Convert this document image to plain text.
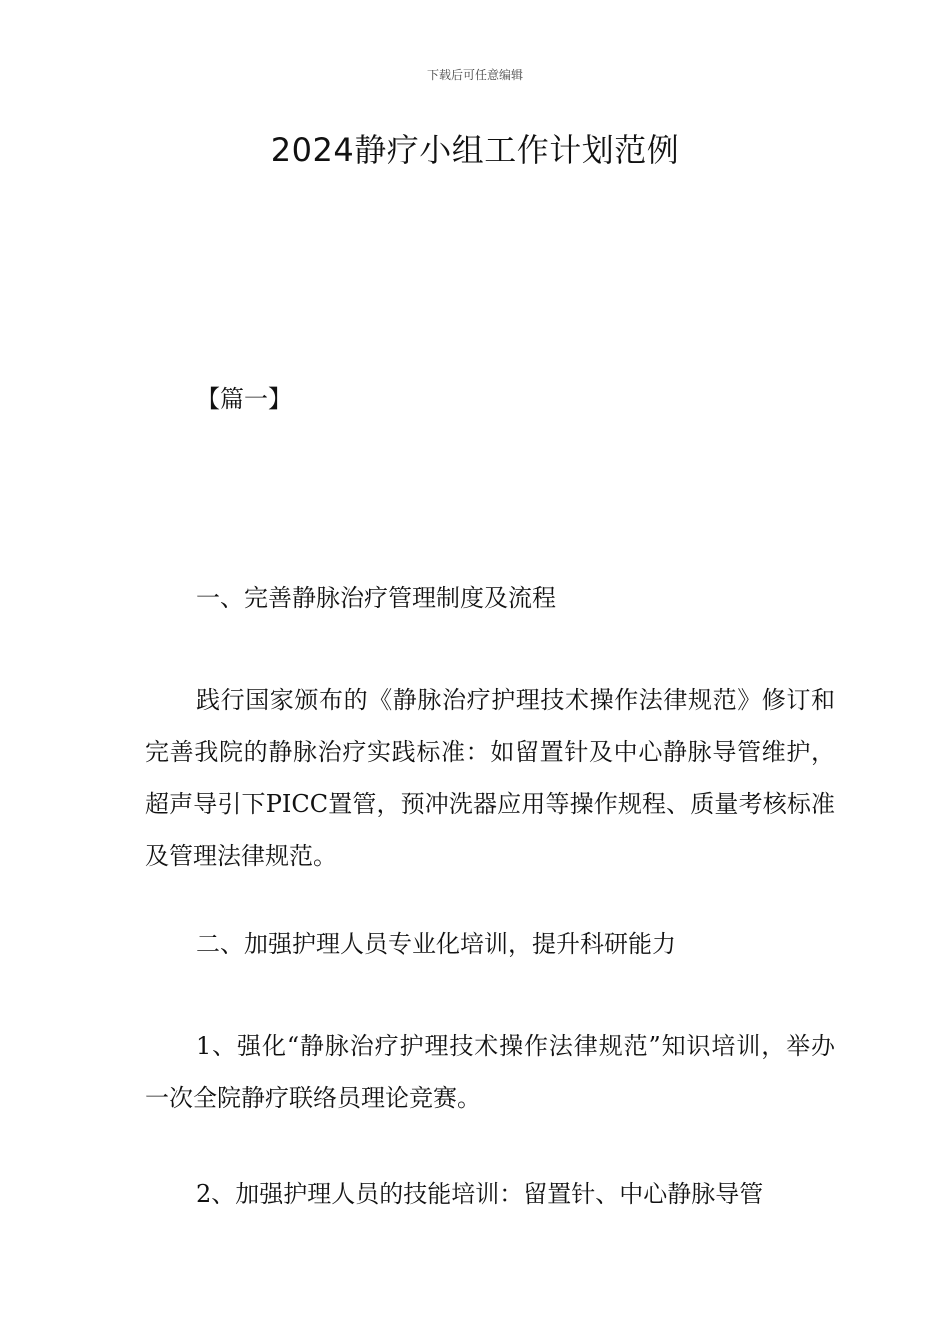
下载后可任意编辑
2024静疗小组工作计划范例
【篇一】

一、完善静脉治疗管理制度及流程

践行国家颁布的《静脉治疗护理技术操作法律规范》修订和完善我院的静脉治疗实践标准：如留置针及中心静脉导管维护，超声导引下PICC置管，预冲洗器应用等操作规程、质量考核标准及管理法律规范。

二、加强护理人员专业化培训，提升科研能力

1、强化“静脉治疗护理技术操作法律规范”知识培训，举办一次全院静疗联络员理论竞赛。

2、加强护理人员的技能培训：留置针、中心静脉导管
